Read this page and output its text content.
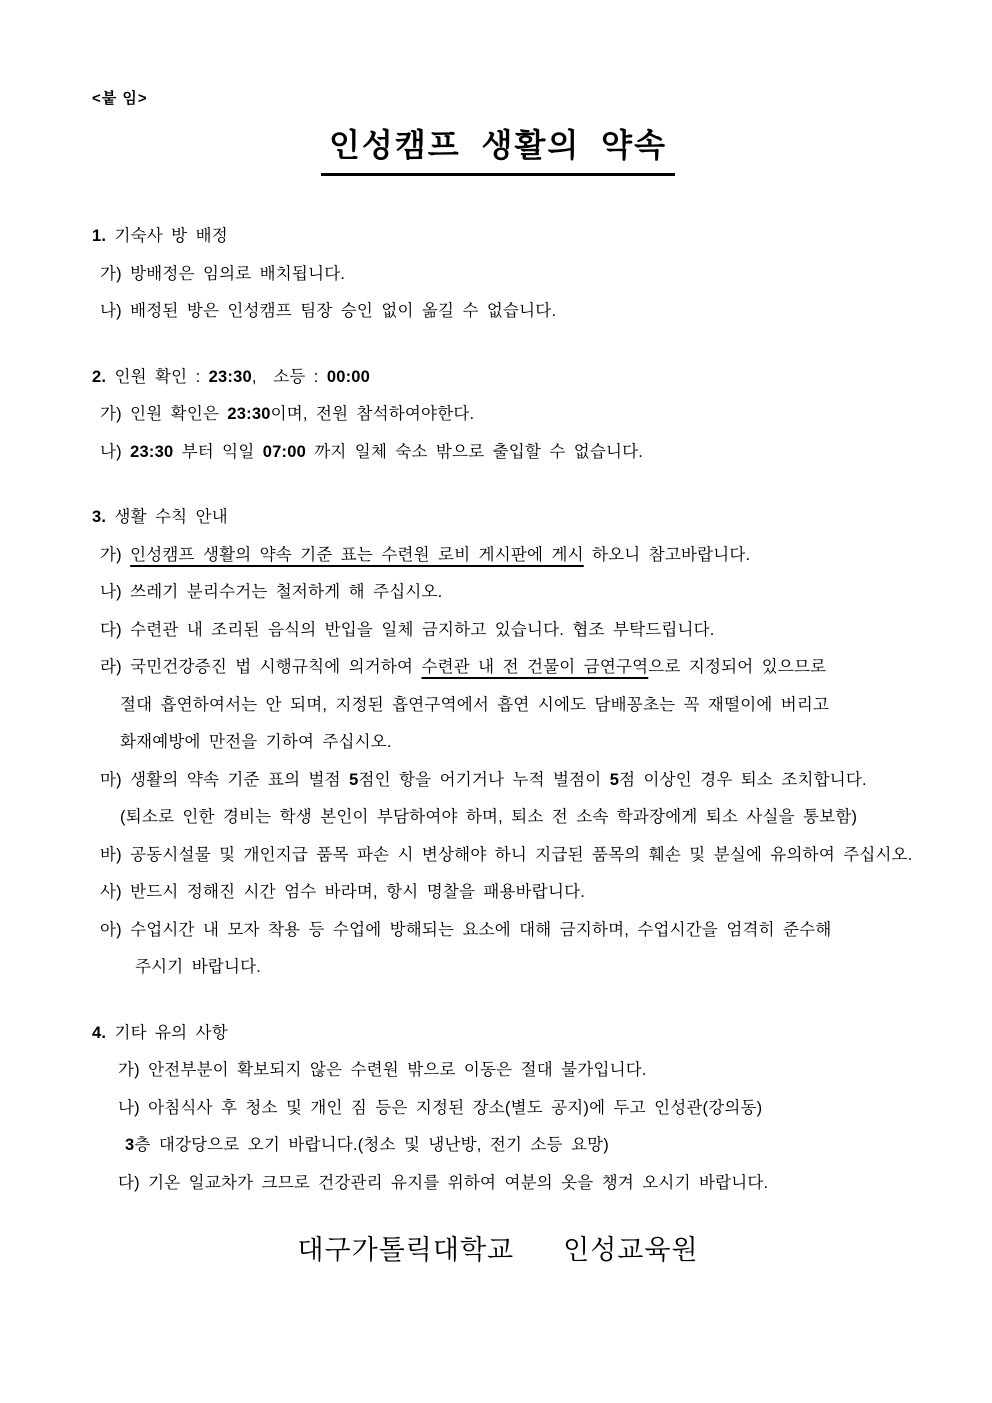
<붙 임>
인성캠프 생활의 약속
1. 기숙사 방 배정
가) 방배정은 임의로 배치됩니다.
나) 배정된 방은 인성캠프 팀장 승인 없이 옮길 수 없습니다.
2. 인원 확인 : 23:30,  소등 : 00:00
가) 인원 확인은 23:30이며, 전원 참석하여야한다.
나) 23:30 부터 익일 07:00 까지 일체 숙소 밖으로 출입할 수 없습니다.
3. 생활 수칙 안내
가) 인성캠프 생활의 약속 기준 표는 수련원 로비 게시판에 게시 하오니 참고바랍니다.
나) 쓰레기 분리수거는 철저하게 해 주십시오.
다) 수련관 내 조리된 음식의 반입을 일체 금지하고 있습니다. 협조 부탁드립니다.
라) 국민건강증진 법 시행규칙에 의거하여 수련관 내 전 건물이 금연구역으로 지정되어 있으므로
절대 흡연하여서는 안 되며, 지정된 흡연구역에서 흡연 시에도 담배꽁초는 꼭 재떨이에 버리고
화재예방에 만전을 기하여 주십시오.
마) 생활의 약속 기준 표의 벌점 5점인 항을 어기거나 누적 벌점이 5점 이상인 경우 퇴소 조치합니다.
(퇴소로 인한 경비는 학생 본인이 부담하여야 하며, 퇴소 전 소속 학과장에게 퇴소 사실을 통보함)
바) 공동시설물 및 개인지급 품목 파손 시 변상해야 하니 지급된 품목의 훼손 및 분실에 유의하여 주십시오.
사) 반드시 정해진 시간 엄수 바라며, 항시 명찰을 패용바랍니다.
아) 수업시간 내 모자 착용 등 수업에 방해되는 요소에 대해 금지하며, 수업시간을 엄격히 준수해
주시기 바랍니다.
4. 기타 유의 사항
가) 안전부분이 확보되지 않은 수련원 밖으로 이동은 절대 불가입니다.
나) 아침식사 후 청소 및 개인 짐 등은 지정된 장소(별도 공지)에 두고 인성관(강의동)
3층 대강당으로 오기 바랍니다.(청소 및 냉난방, 전기 소등 요망)
다) 기온 일교차가 크므로 건강관리 유지를 위하여 여분의 옷을 챙겨 오시기 바랍니다.
대구가톨릭대학교  인성교육원
